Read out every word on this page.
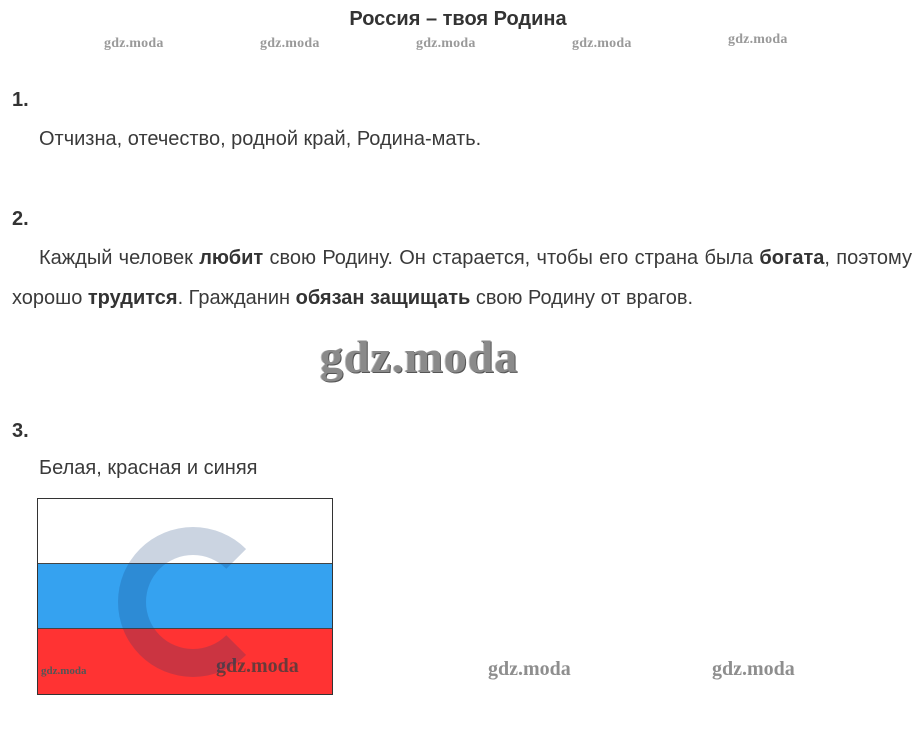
Россия – твоя Родина
gdz.moda	gdz.moda	gdz.moda	gdz.moda	gdz.moda
1.
Отчизна, отечество, родной край, Родина-мать.
2.
Каждый человек любит свою Родину. Он старается, чтобы его страна была богата, поэтому хорошо трудится. Гражданин обязан защищать свою Родину от врагов.
gdz.moda
3.
Белая, красная и синяя
gdz.moda	gdz.moda	gdz.moda	gdz.moda
